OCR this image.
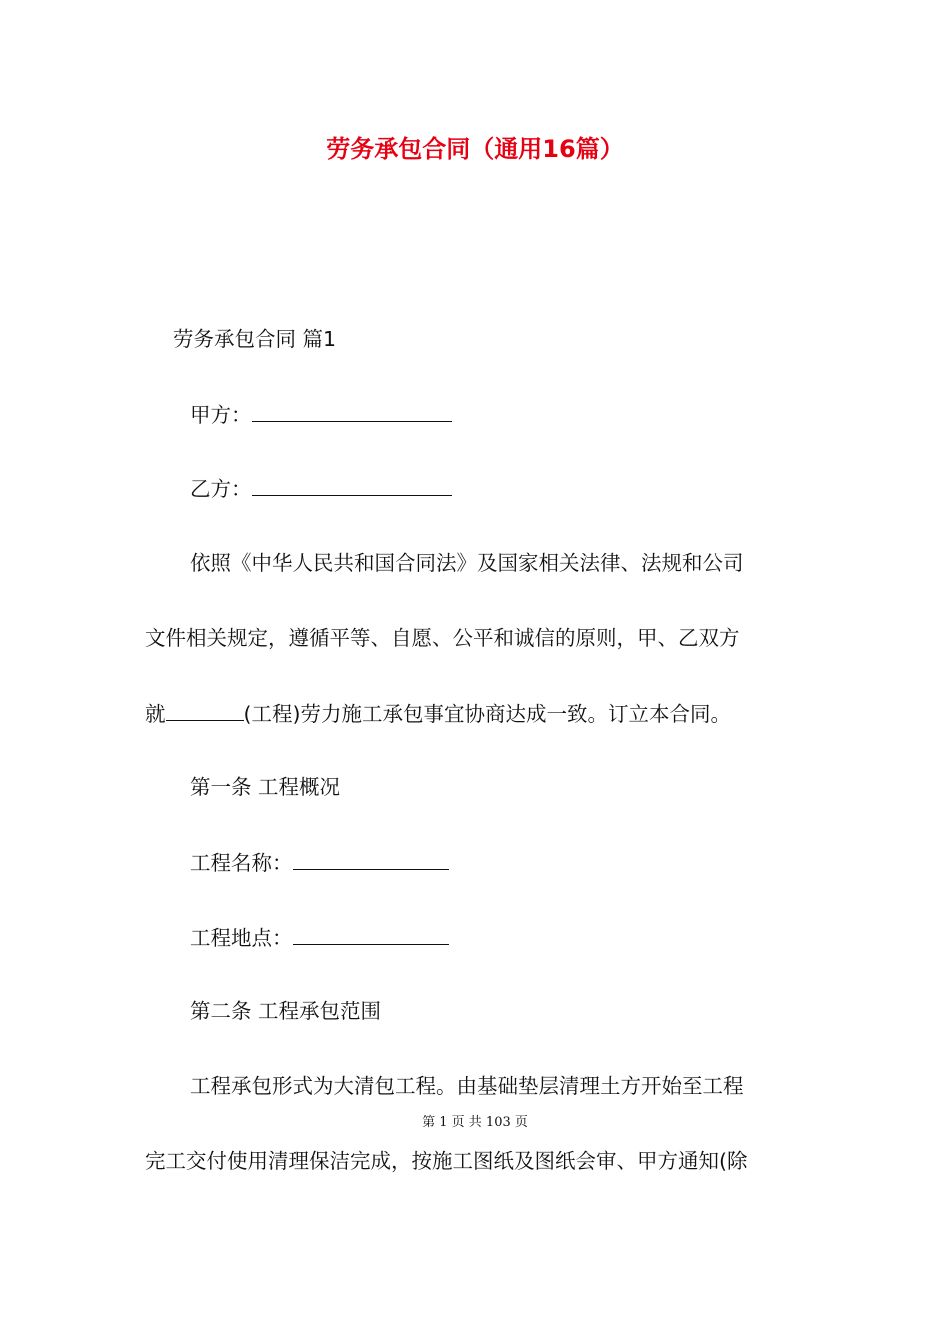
劳务承包合同（通用16篇）

劳务承包合同 篇1

甲方：

乙方：

依照《中华人民共和国合同法》及国家相关法律、法规和公司

文件相关规定，遵循平等、自愿、公平和诚信的原则，甲、乙双方

就	(工程)劳力施工承包事宜协商达成一致。订立本合同。

第一条 工程概况

工程名称：

工程地点：

第二条 工程承包范围

工程承包形式为大清包工程。由基础垫层清理土方开始至工程

第 1 页 共 103 页

完工交付使用清理保洁完成，按施工图纸及图纸会审、甲方通知(除
